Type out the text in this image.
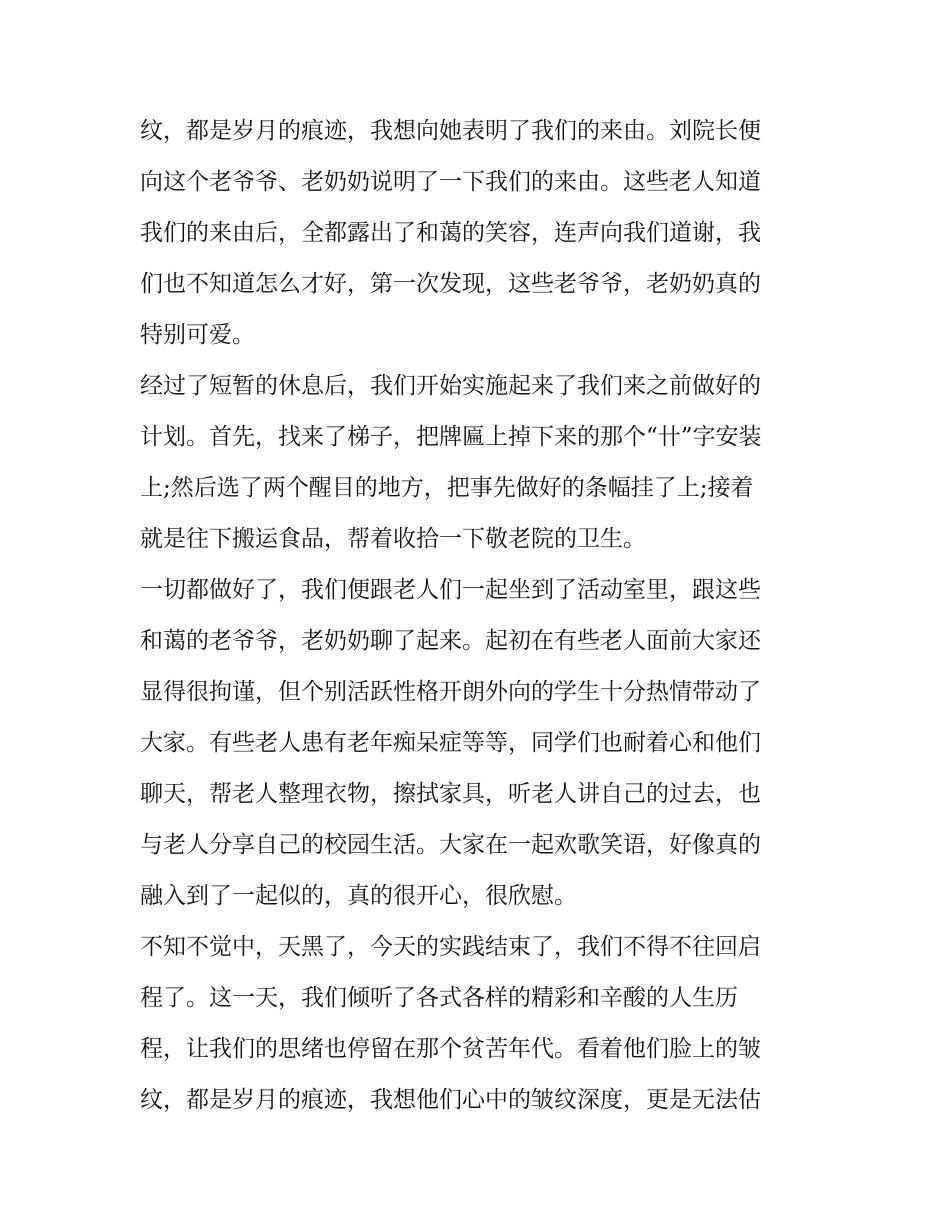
纹，都是岁月的痕迹，我想向她表明了我们的来由。刘院长便
向这个老爷爷、老奶奶说明了一下我们的来由。这些老人知道
我们的来由后，全都露出了和蔼的笑容，连声向我们道谢，我
们也不知道怎么才好，第一次发现，这些老爷爷，老奶奶真的
特别可爱。
经过了短暂的休息后，我们开始实施起来了我们来之前做好的
计划。首先，找来了梯子，把牌匾上掉下来的那个“卄”字安装
上;然后选了两个醒目的地方，把事先做好的条幅挂了上;接着
就是往下搬运食品，帮着收拾一下敬老院的卫生。
一切都做好了，我们便跟老人们一起坐到了活动室里，跟这些
和蔼的老爷爷，老奶奶聊了起来。起初在有些老人面前大家还
显得很拘谨，但个别活跃性格开朗外向的学生十分热情带动了
大家。有些老人患有老年痴呆症等等，同学们也耐着心和他们
聊天，帮老人整理衣物，擦拭家具，听老人讲自己的过去，也
与老人分享自己的校园生活。大家在一起欢歌笑语，好像真的
融入到了一起似的，真的很开心，很欣慰。
不知不觉中，天黑了，今天的实践结束了，我们不得不往回启
程了。这一天，我们倾听了各式各样的精彩和辛酸的人生历
程，让我们的思绪也停留在那个贫苦年代。看着他们脸上的皱
纹，都是岁月的痕迹，我想他们心中的皱纹深度，更是无法估
